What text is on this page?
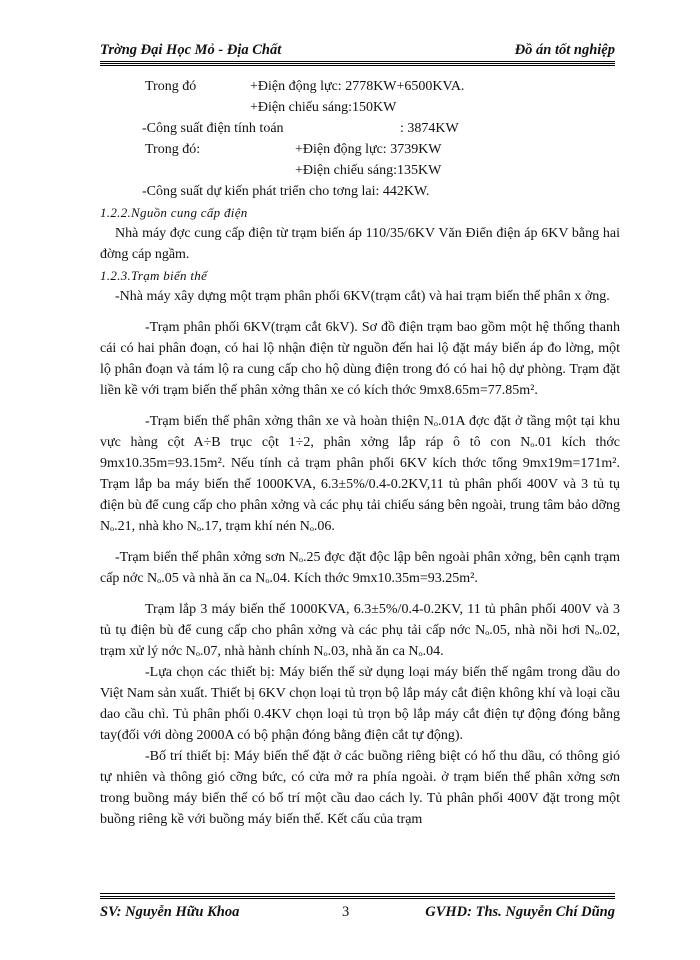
Trờng Đại Học Mỏ - Địa Chất	Đồ án tốt nghiệp
Trong đó	+Điện động lực: 2778KW+6500KVA.
+Điện chiếu sáng:150KW
-Công suất điện tính toán	: 3874KW
Trong đó:	+Điện động lực: 3739KW
+Điện chiếu sáng:135KW
-Công suất dự kiến phát triển cho tơng lai: 442KW.
1.2.2.Nguồn cung cấp điện

Nhà máy đợc cung cấp điện từ trạm biến áp 110/35/6KV Văn Điển điện áp 6KV bằng hai đờng cáp ngầm.

1.2.3.Trạm biến thế

-Nhà máy xây dựng một trạm phân phối 6KV(trạm cắt) và hai trạm biến thế phân x ởng.

-Trạm phân phối 6KV(trạm cắt 6kV). Sơ đồ điện trạm bao gồm một hệ thống thanh cái có hai phân đoạn, có hai lộ nhận điện từ nguồn đến hai lộ đặt máy biến áp đo lờng, một lộ phân đoạn và tám lộ ra cung cấp cho hộ dùng điện trong đó có hai hộ dự phòng. Trạm đặt liền kề với trạm biến thế phân xởng thân xe có kích thớc 9mx8.65m=77.85m².

-Trạm biến thế phân xởng thân xe và hoàn thiện Nₒ.01A đợc đặt ở tầng một tại khu vực hàng cột A÷B trục cột 1÷2, phân xởng lắp ráp ô tô con Nₒ.01 kích thớc 9mx10.35m=93.15m². Nếu tính cả trạm phân phối 6KV kích thớc tổng 9mx19m=171m². Trạm lắp ba máy biến thế 1000KVA, 6.3±5%/0.4-0.2KV,11 tủ phân phối 400V và 3 tủ tụ điện bù để cung cấp cho phân xởng và các phụ tải chiếu sáng bên ngoài, trung tâm bảo dỡng Nₒ.21, nhà kho Nₒ.17, trạm khí nén Nₒ.06.

-Trạm biến thế phân xởng sơn Nₒ.25 đợc đặt độc lập bên ngoài phân xởng, bên cạnh trạm cấp nớc Nₒ.05 và nhà ăn ca Nₒ.04. Kích thớc 9mx10.35m=93.25m².

Trạm lắp 3 máy biến thế 1000KVA, 6.3±5%/0.4-0.2KV, 11 tủ phân phối 400V và 3 tủ tụ điện bù để cung cấp cho phân xởng và các phụ tải cấp nớc Nₒ.05, nhà nồi hơi Nₒ.02, trạm xử lý nớc Nₒ.07, nhà hành chính Nₒ.03, nhà ăn ca Nₒ.04.

-Lựa chọn các thiết bị: Máy biến thế sử dụng loại máy biến thế ngâm trong dầu do Việt Nam sản xuất. Thiết bị 6KV chọn loại tủ trọn bộ lắp máy cắt điện không khí và loại cầu dao cầu chì. Tủ phân phối 0.4KV chọn loại tủ trọn bộ lắp máy cắt điện tự động đóng bằng tay(đối với dòng 2000A có bộ phận đóng bằng điện cắt tự động).

-Bố trí thiết bị: Máy biến thế đặt ở các buồng riêng biệt có hố thu dầu, có thông gió tự nhiên và thông gió cỡng bức, có cửa mở ra phía ngoài. ở trạm biến thế phân xởng sơn trong buồng máy biến thế có bố trí một cầu dao cách ly. Tủ phân phối 400V đặt trong một buồng riêng kề với buồng máy biến thế. Kết cấu của trạm

SV: Nguyễn Hữu Khoa	3	GVHD: Ths. Nguyễn Chí Dũng
